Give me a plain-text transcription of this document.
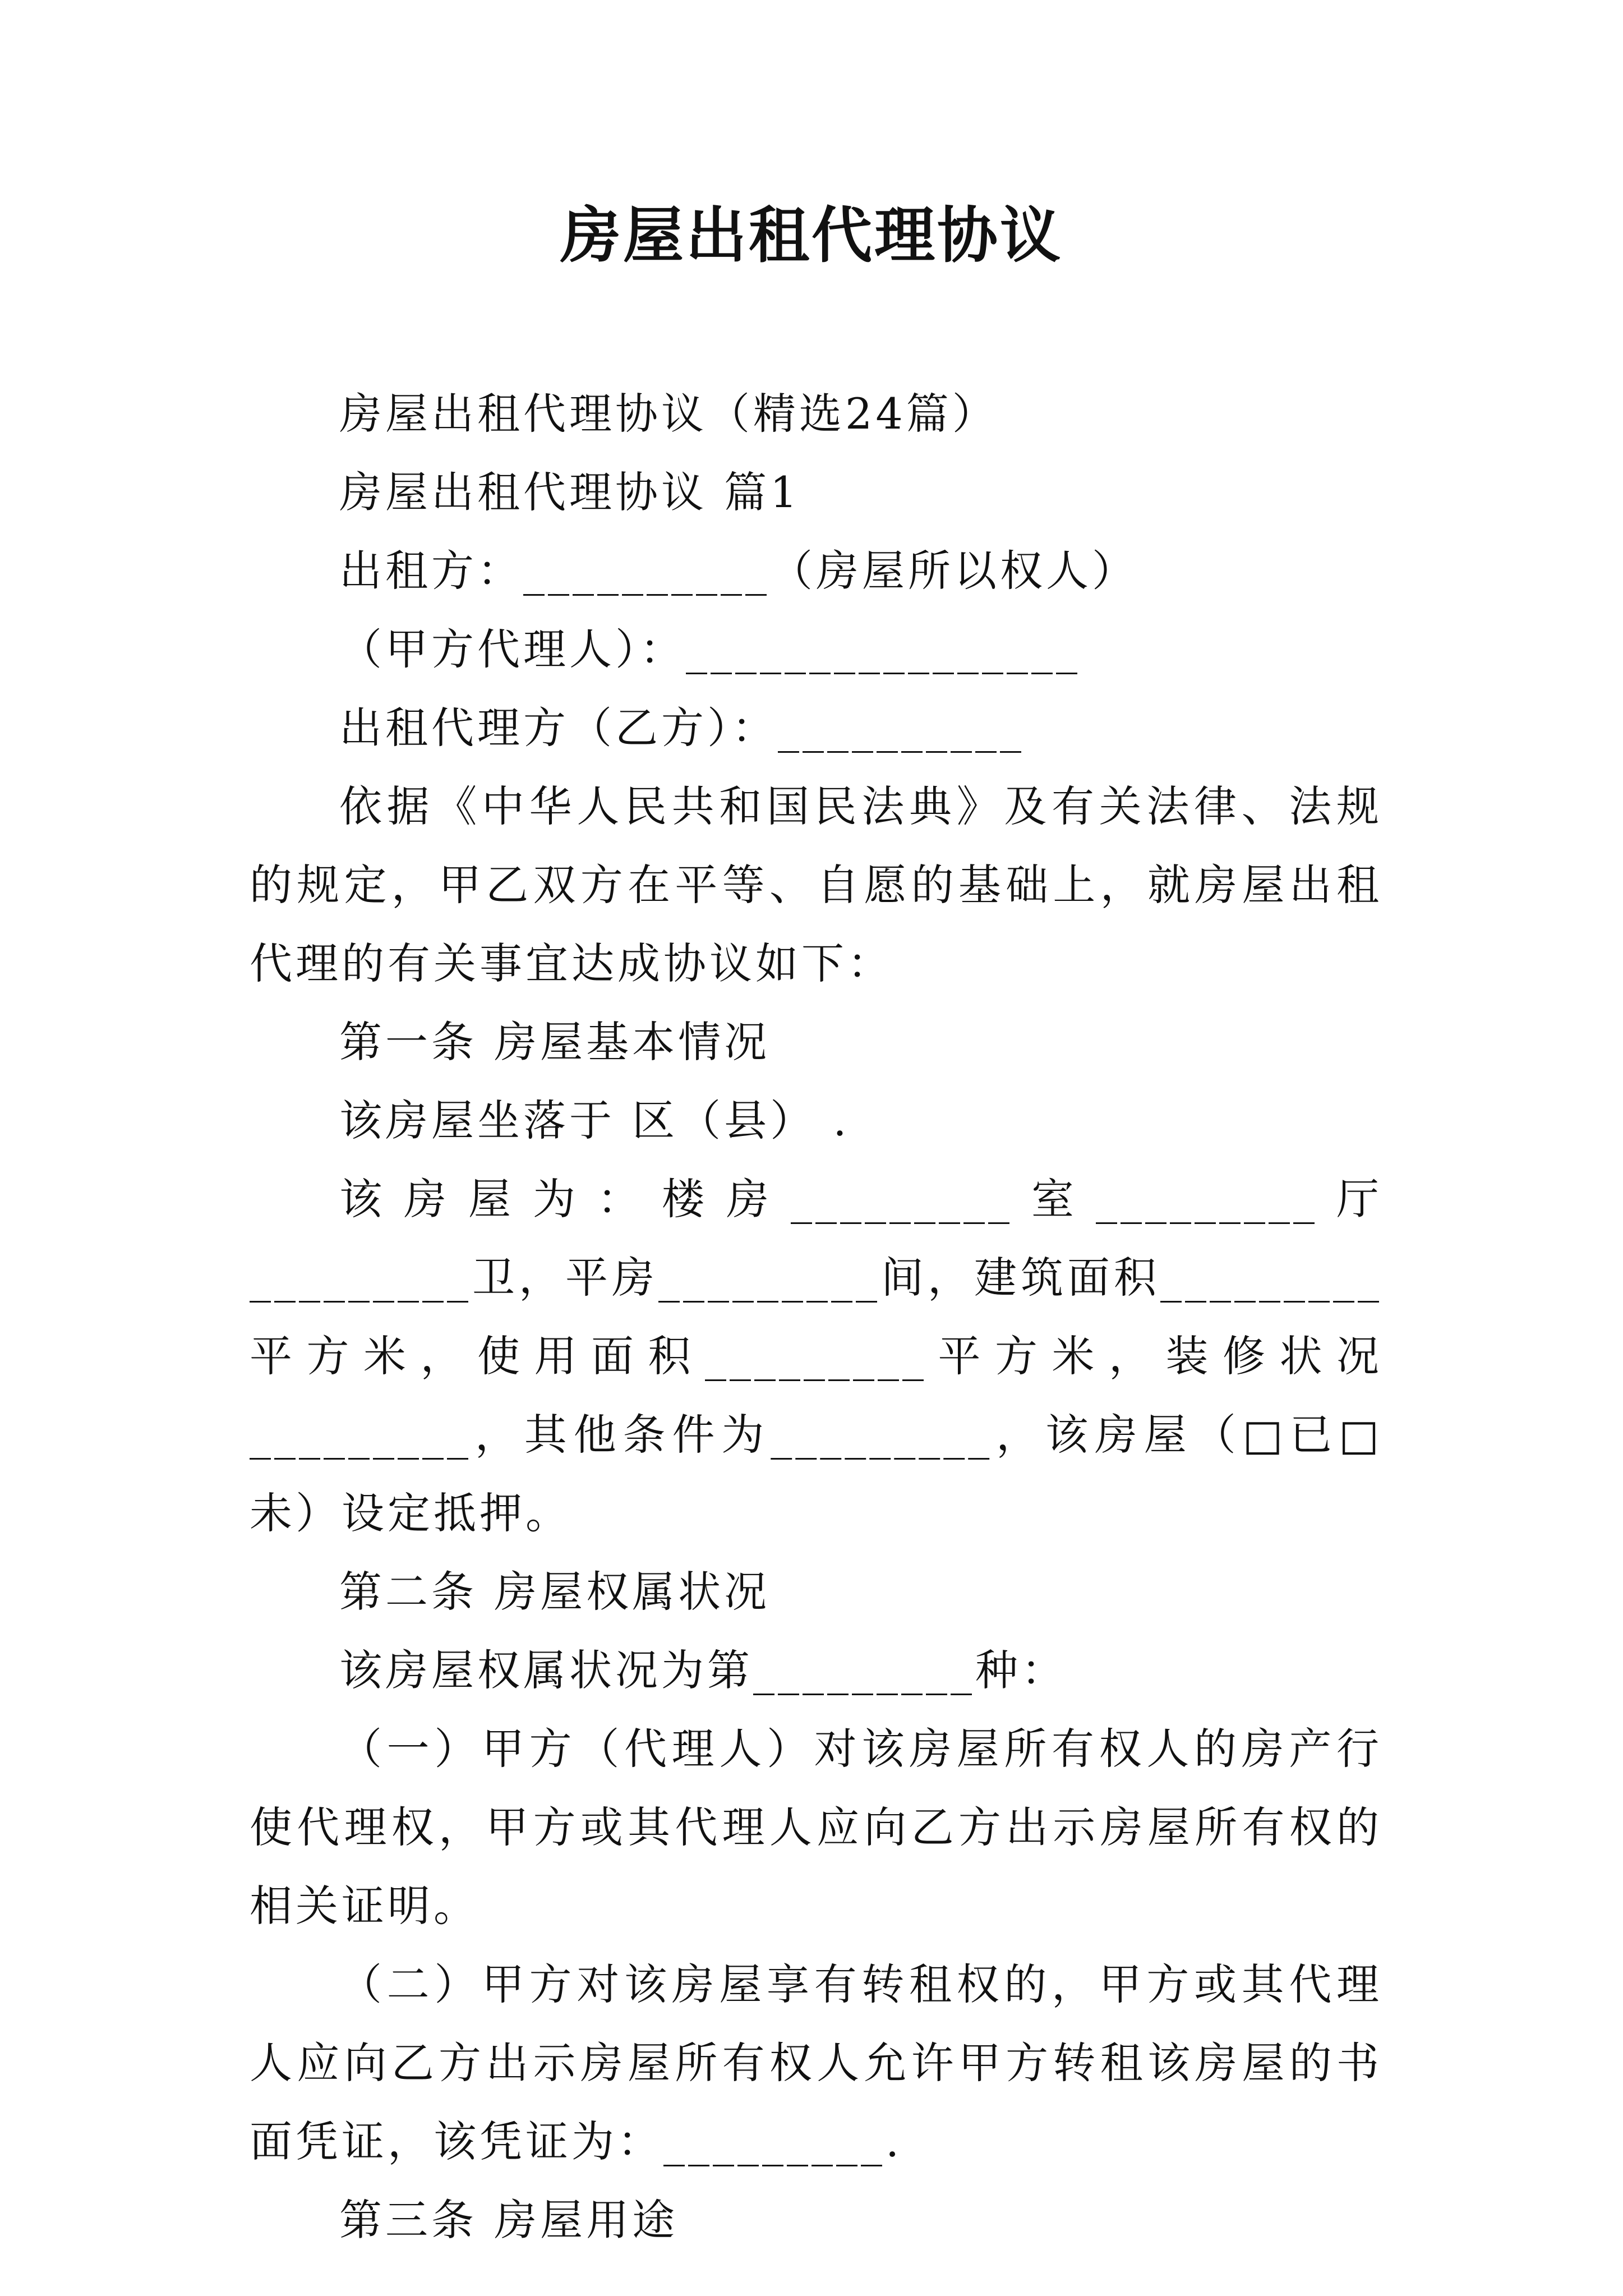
房屋出租代理协议

房屋出租代理协议（精选24篇）

房屋出租代理协议 篇1

出租方：__________（房屋所以权人）

（甲方代理人）：________________

出租代理方（乙方）：__________

依据《中华人民共和国民法典》及有关法律、法规的规定，甲乙双方在平等、自愿的基础上，就房屋出租代理的有关事宜达成协议如下：

第一条 房屋基本情况

该房屋坐落于 区（县） .

该房屋为：楼房_________室_________厅_________卫，平房_________间，建筑面积_________平方米，使用面积_________平方米，装修状况_________，其他条件为_________，该房屋（□已□未）设定抵押。

第二条 房屋权属状况

该房屋权属状况为第_________种：

（一）甲方（代理人）对该房屋所有权人的房产行使代理权，甲方或其代理人应向乙方出示房屋所有权的相关证明。

（二）甲方对该房屋享有转租权的，甲方或其代理人应向乙方出示房屋所有权人允许甲方转租该房屋的书面凭证，该凭证为：_________.

第三条 房屋用途
